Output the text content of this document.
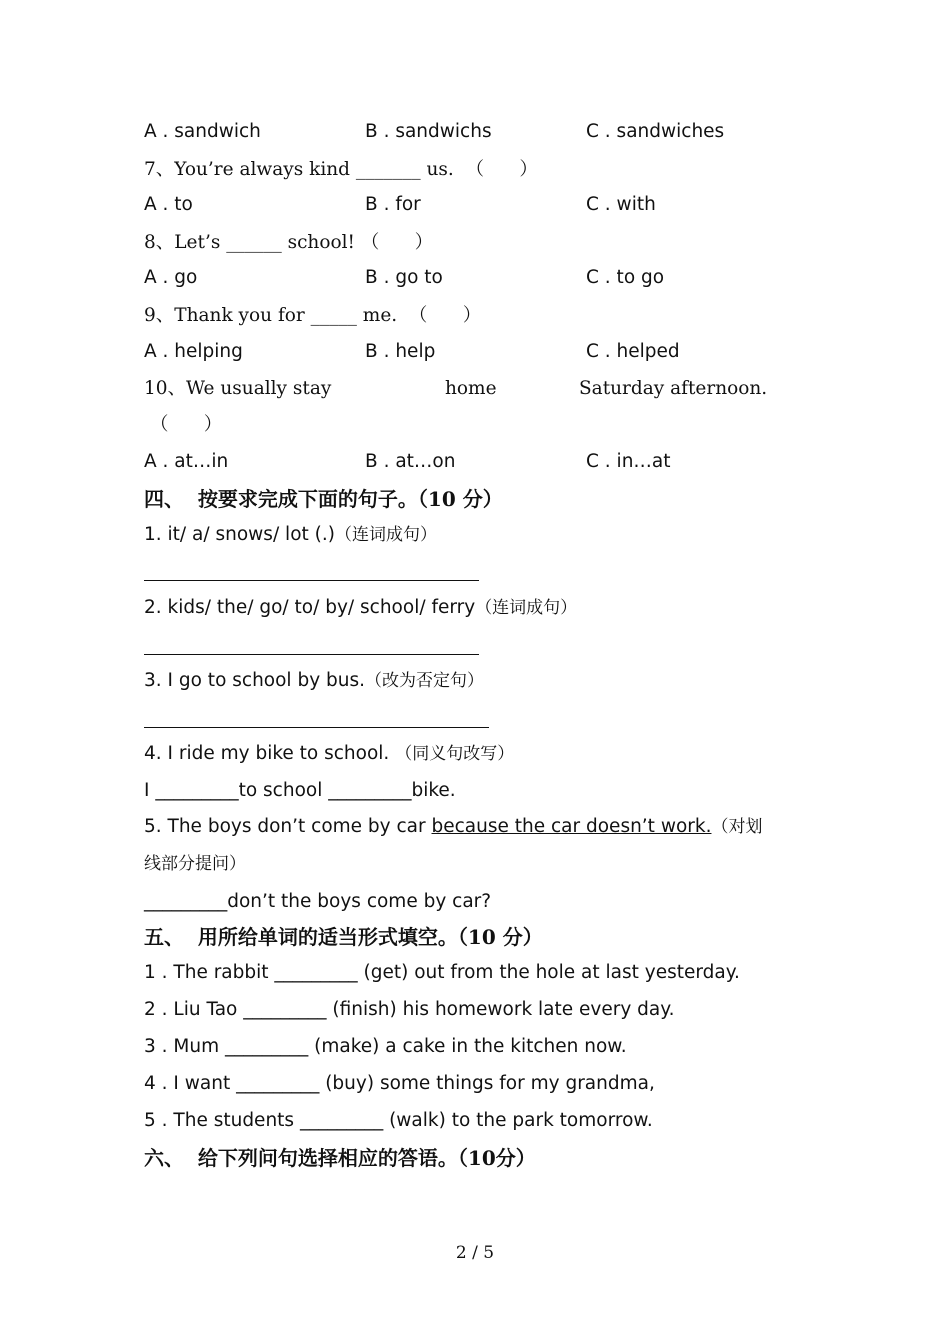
A . sandwich	B . sandwichs	C . sandwiches
7、You’re always kind _______ us.  （      ）
A . to	B . for	C . with
8、Let’s ______ school! （      ）
A . go	B . go to	C . to go
9、Thank you for _____ me.  （      ）
A . helping	B . help	C . helped
10、We usually stay	home	Saturday afternoon.
（      ）
A . at…in	B . at…on	C . in…at
四、  按要求完成下面的句子。（10 分）
1. it/ a/ snows/ lot (.)（连词成句）
2. kids/ the/ go/ to/ by/ school/ ferry（连词成句）
3. I go to school by bus.（改为否定句）
4. I ride my bike to school. （同义句改写）
I _________to school _________bike.
5. The boys don’t come by car because the car doesn’t work.（对划
线部分提问）
_________don’t the boys come by car?
五、  用所给单词的适当形式填空。（10 分）
1 . The rabbit _________ (get) out from the hole at last yesterday.
2 . Liu Tao _________ (finish) his homework late every day.
3 . Mum _________ (make) a cake in the kitchen now.
4 . I want _________ (buy) some things for my grandma,
5 . The students _________ (walk) to the park tomorrow.
六、  给下列问句选择相应的答语。（10分）
2 / 5
